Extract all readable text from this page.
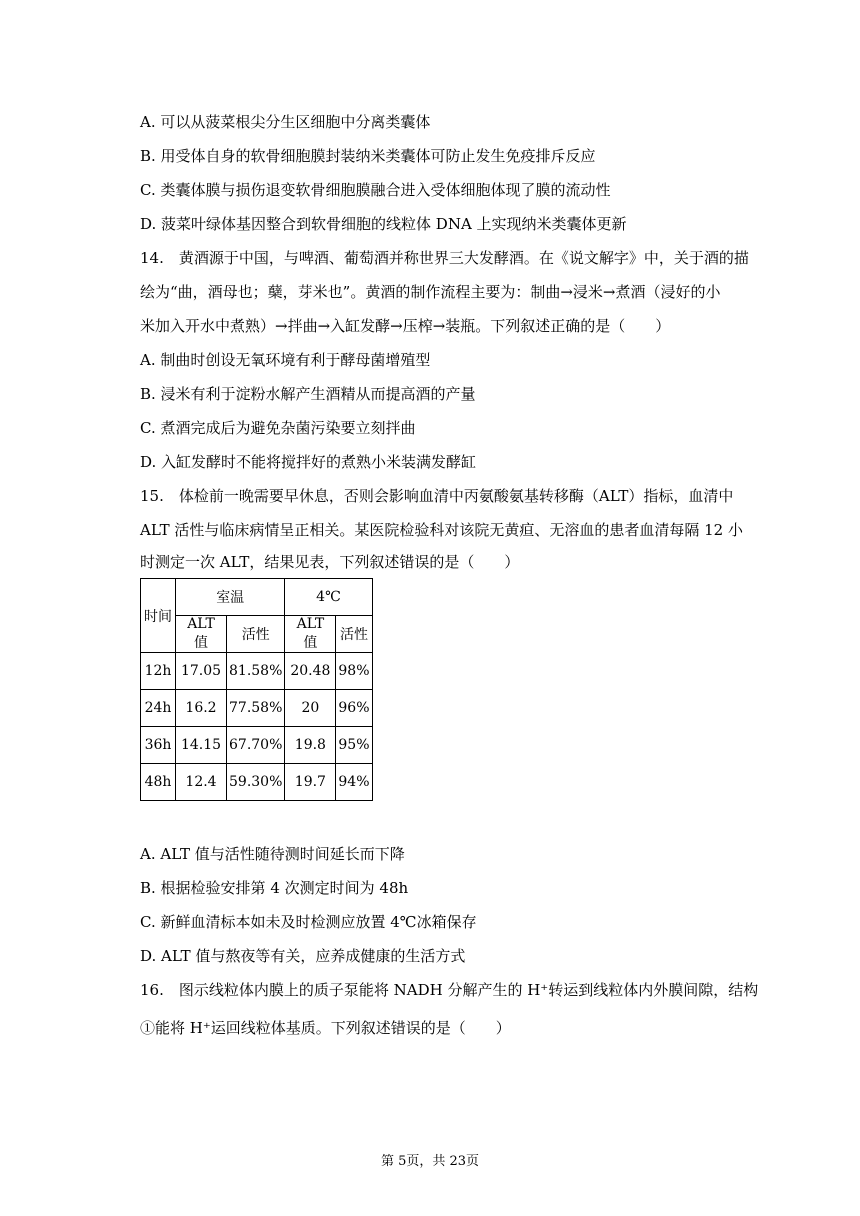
A. 可以从菠菜根尖分生区细胞中分离类囊体
B. 用受体自身的软骨细胞膜封装纳米类囊体可防止发生免疫排斥反应
C. 类囊体膜与损伤退变软骨细胞膜融合进入受体细胞体现了膜的流动性
D. 菠菜叶绿体基因整合到软骨细胞的线粒体 DNA 上实现纳米类囊体更新
14.　黄酒源于中国，与啤酒、葡萄酒并称世界三大发酵酒。在《说文解字》中，关于酒的描
绘为“曲，酒母也；蘖，芽米也”。黄酒的制作流程主要为：制曲→浸米→煮酒（浸好的小
米加入开水中煮熟）→拌曲→入缸发酵→压榨→装瓶。下列叙述正确的是（　　）
A. 制曲时创设无氧环境有利于酵母菌增殖型
B. 浸米有利于淀粉水解产生酒精从而提高酒的产量
C. 煮酒完成后为避免杂菌污染要立刻拌曲
D. 入缸发酵时不能将搅拌好的煮熟小米装满发酵缸
15.　体检前一晚需要早休息，否则会影响血清中丙氨酸氨基转移酶（ALT）指标，血清中
ALT 活性与临床病情呈正相关。某医院检验科对该院无黄疸、无溶血的患者血清每隔 12 小
时测定一次 ALT，结果见表，下列叙述错误的是（　　）
时间	室温		4℃	
	ALT 值	活性	ALT 值	活性
12h	17.05	81.58%	20.48	98%
24h	16.2	77.58%	20	96%
36h	14.15	67.70%	19.8	95%
48h	12.4	59.30%	19.7	94%
A. ALT 值与活性随待测时间延长而下降
B. 根据检验安排第 4 次测定时间为 48h
C. 新鲜血清标本如未及时检测应放置 4℃冰箱保存
D. ALT 值与熬夜等有关，应养成健康的生活方式
16.　图示线粒体内膜上的质子泵能将 NADH 分解产生的 H⁺转运到线粒体内外膜间隙，结构
①能将 H⁺运回线粒体基质。下列叙述错误的是（　　）
第 5页，共 23页
